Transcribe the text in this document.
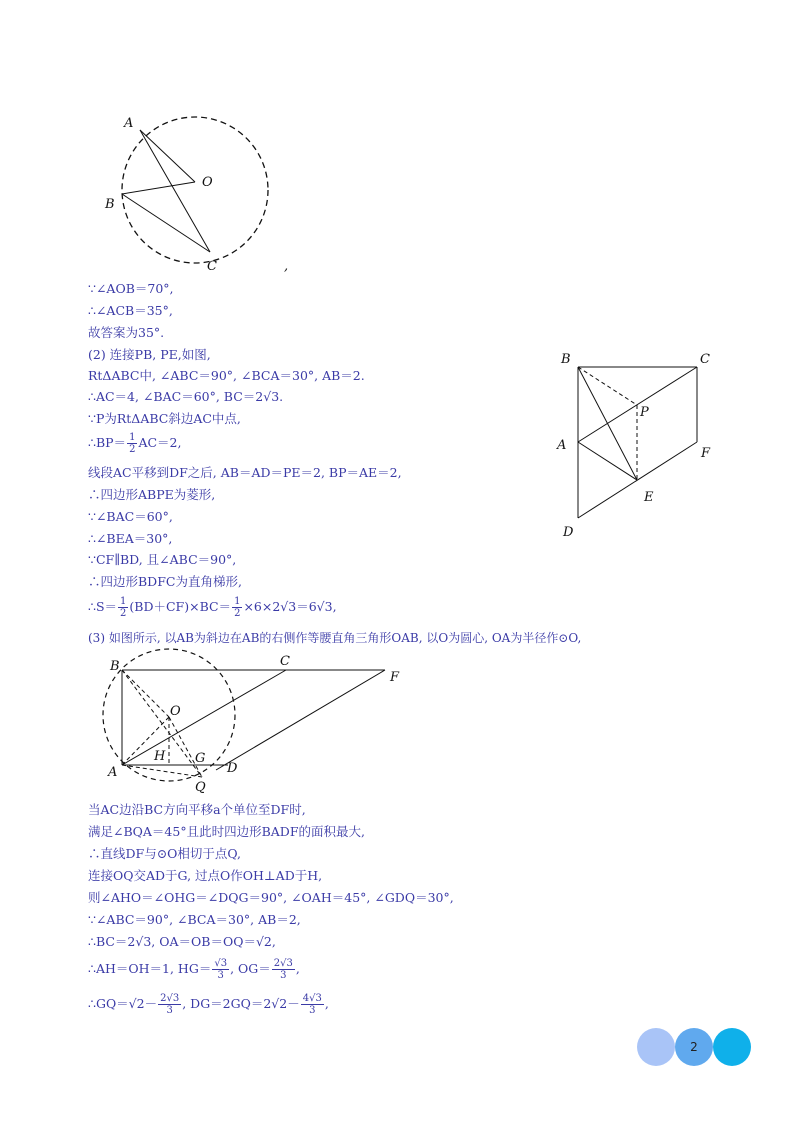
A
O
B
C	,
B	C
P
A
F
E
D
B	C
F
O
H G
A	D
Q
∵∠AOB＝70°,
∴∠ACB＝35°,
故答案为35°.
(2) 连接PB, PE,如图,
RtΔABC中, ∠ABC＝90°, ∠BCA＝30°, AB＝2.
∴AC＝4, ∠BAC＝60°, BC＝2√3.
∵P为RtΔABC斜边AC中点,
∴BP＝ $\frac{1}{2} AC=2$,
线段AC平移到DF之后, AB＝AD＝PE＝2, BP＝AE＝2,
∴四边形ABPE为菱形,
∵∠BAC＝60°,
∴∠BEA＝30°,
∵CF∥BD, 且∠ABC＝90°,
∴四边形BDFC为直角梯形,
∴S＝ $\frac{1}{2} (BD+CF)\times BC= \frac{1}{2} \times 6\times 2√3=6√3$,
(3) 如图所示, 以AB为斜边在AB的右侧作等腰直角三角形OAB, 以O为圆心, OA为半径作⊙O,
当AC边沿BC方向平移a个单位至DF时,
满足∠BQA＝45°且此时四边形BADF的面积最大,
∴直线DF与⊙O相切于点Q,
连接OQ交AD于G, 过点O作OH⊥AD于H,
则∠AHO＝∠OHG＝∠DQG＝90°, ∠OAH＝45°, ∠GDQ＝30°,
∵∠ABC＝90°, ∠BCA＝30°, AB＝2,
∴BC＝2√3, OA＝OB＝OQ＝√2,
∴AH＝OH＝1, $HG= \frac{√3}{3}$ , $OG= \frac{2√3}{3}$ ,
∴GQ＝√2－ $\frac{2√3}{3}$ , $DG=2GQ=2√2- \frac{4√3}{3}$ ,
2
